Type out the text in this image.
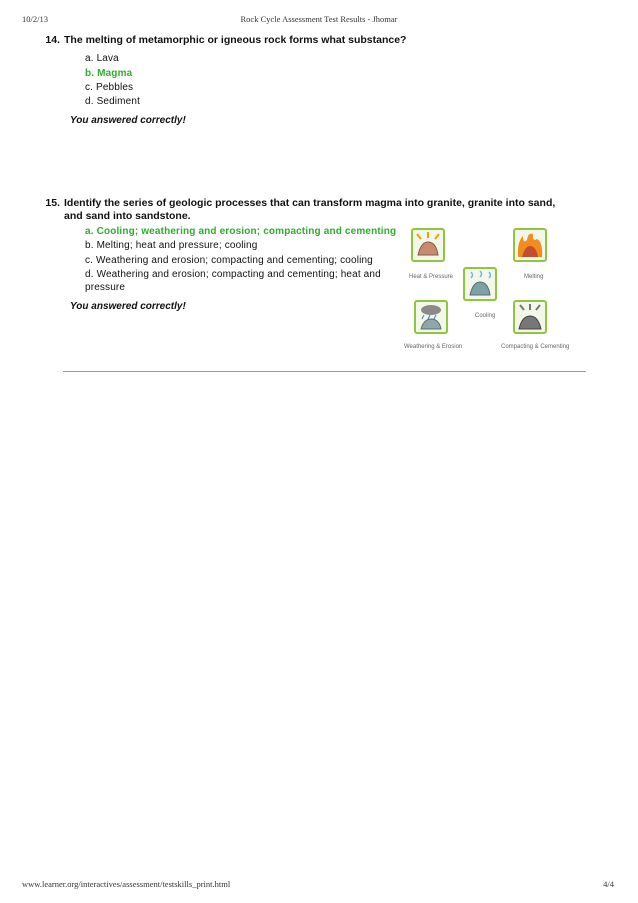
10/2/13	Rock Cycle Assessment Test Results - Jhomar
14. The melting of metamorphic or igneous rock forms what substance?
a. Lava
b. Magma
c. Pebbles
d. Sediment
You answered correctly!
15. Identify the series of geologic processes that can transform magma into granite, granite into sand,
and sand into sandstone.
a. Cooling; weathering and erosion; compacting and cementing
b. Melting; heat and pressure; cooling
c. Weathering and erosion; compacting and cementing; cooling
d. Weathering and erosion; compacting and cementing; heat and
pressure
You answered correctly!
Heat & Pressure	Melting
Cooling
Weathering & Erosion	Compacting & Cementing
www.learner.org/interactives/assessment/testskills_print.html	4/4
